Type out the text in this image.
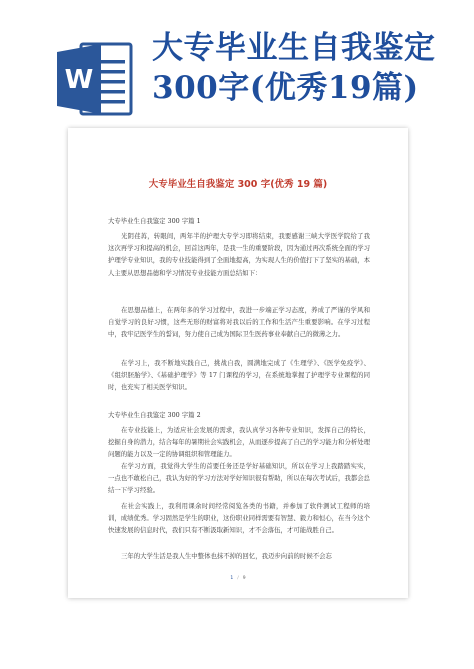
W
大专毕业生自我鉴定300字(优秀19篇)
大专毕业生自我鉴定 300 字(优秀 19 篇)
大专毕业生自我鉴定 300 字篇 1
光阴荏苒，转眼间，两年半的护理大专学习即将结束，我要感谢三峡大学医学院给了我这次再学习和提高的机会，回首这两年，是我一生的重要阶段，因为通过再次系统全面的学习护理学专业知识，我的专业技能得到了全面地提高，为实现人生的价值打下了坚实的基础，本人主要从思想品德和学习情况专业技能方面总结如下：
在思想品德上，在两年多的学习过程中，我进一步端正学习态度，养成了严谨的学风和自觉学习的良好习惯，这些无形的财富将对我以后的工作和生活产生重要影响。在学习过程中，我牢记医学生的誓词，努力使自己成为国际卫生医药事业奉献自己的微薄之力。
在学习上，我不断地实践自己，挑战自我，圆满地完成了《生理学》、《医学免疫学》、《组织胚胎学》、《基础护理学》等 17 门课程的学习，在系统地掌握了护理学专业课程的同时，也充实了相关医学知识。
大专毕业生自我鉴定 300 字篇 2
在专业技能上，为适应社会发展的需求，我认真学习各种专业知识，发挥自己的特长，挖掘自身的潜力，结合每年的暑期社会实践机会，从而逐步提高了自己的学习能力和分析处理问题的能力以及一定的协调组织和管理能力。
在学习方面，我觉得大学生的首要任务还是学好基础知识，所以在学习上我踏踏实实，一点也不敢松自己，我认为好的学习方法对学好知识很有帮助，所以在每次考试后，我都会总结一下学习经验。
在社会实践上，我利用课余时间经常阅览各类的书籍，并参加了软件测试工程师的培训，成绩优秀。学习固然是学生的职业，这份职业同样需要有智慧、毅力和恒心，在当今这个快速发展的信息时代，我们只有不断汲取新知识，才不会落伍，才可能战胜自己。
三年的大学生活是我人生中整体也抹不掉的回忆，我迈步向前的时候不会忘
1 / 9
